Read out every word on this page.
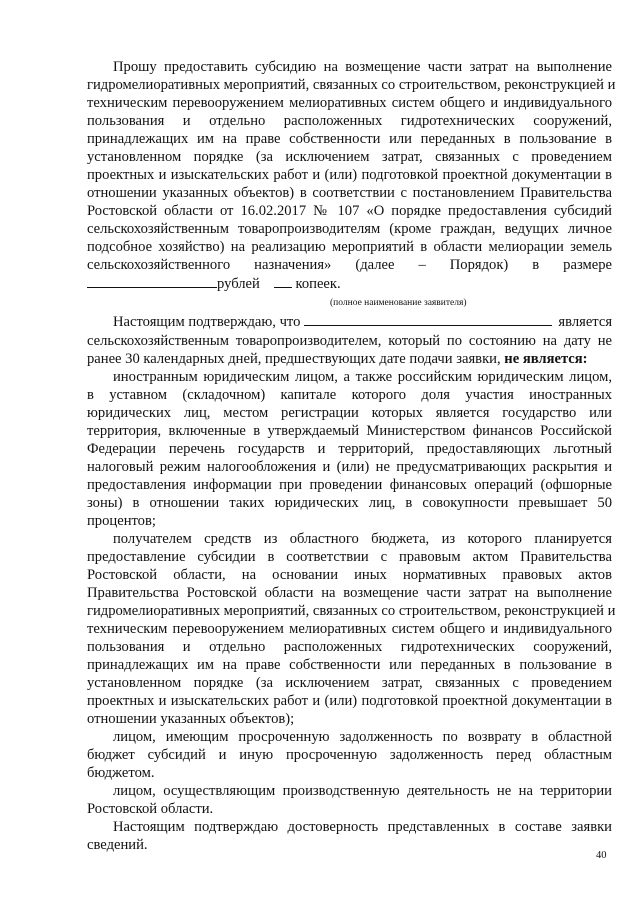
Прошу предоставить субсидию на возмещение части затрат на выполнение
гидромелиоративных мероприятий, связанных со строительством, реконструкцией и
техническим перевооружением мелиоративных систем общего и индивидуального
пользования и отдельно расположенных гидротехнических сооружений,
принадлежащих им на праве собственности или переданных в пользование в
установленном порядке (за исключением затрат, связанных с проведением
проектных и изыскательских работ и (или) подготовкой проектной документации в
отношении указанных объектов) в соответствии с постановлением Правительства
Ростовской области от 16.02.2017 № 107 «О порядке предоставления субсидий
сельскохозяйственным товаропроизводителям (кроме граждан, ведущих личное
подсобное хозяйство) на реализацию мероприятий в области мелиорации земель
сельскохозяйственного назначения» (далее – Порядок) в размере
рублей копеек.
Настоящим подтверждаю, что	является
сельскохозяйственным товаропроизводителем, который по состоянию на дату не
ранее 30 календарных дней, предшествующих дате подачи заявки, не является:
иностранным юридическим лицом, а также российским юридическим лицом,
в уставном (складочном) капитале которого доля участия иностранных
юридических лиц, местом регистрации которых является государство или
территория, включенные в утверждаемый Министерством финансов Российской
Федерации перечень государств и территорий, предоставляющих льготный
налоговый режим налогообложения и (или) не предусматривающих раскрытия и
предоставления информации при проведении финансовых операций (офшорные
зоны) в отношении таких юридических лиц, в совокупности превышает 50
процентов;
получателем средств из областного бюджета, из которого планируется
предоставление субсидии в соответствии с правовым актом Правительства
Ростовской области, на основании иных нормативных правовых актов
Правительства Ростовской области на возмещение части затрат на выполнение
гидромелиоративных мероприятий, связанных со строительством, реконструкцией и
техническим перевооружением мелиоративных систем общего и индивидуального
пользования и отдельно расположенных гидротехнических сооружений,
принадлежащих им на праве собственности или переданных в пользование в
установленном порядке (за исключением затрат, связанных с проведением
проектных и изыскательских работ и (или) подготовкой проектной документации в
отношении указанных объектов);
лицом, имеющим просроченную задолженность по возврату в областной
бюджет субсидий и иную просроченную задолженность перед областным
бюджетом.
лицом, осуществляющим производственную деятельность не на территории
Ростовской области.
Настоящим подтверждаю достоверность представленных в составе заявки
сведений.
(полное наименование заявителя)
40
